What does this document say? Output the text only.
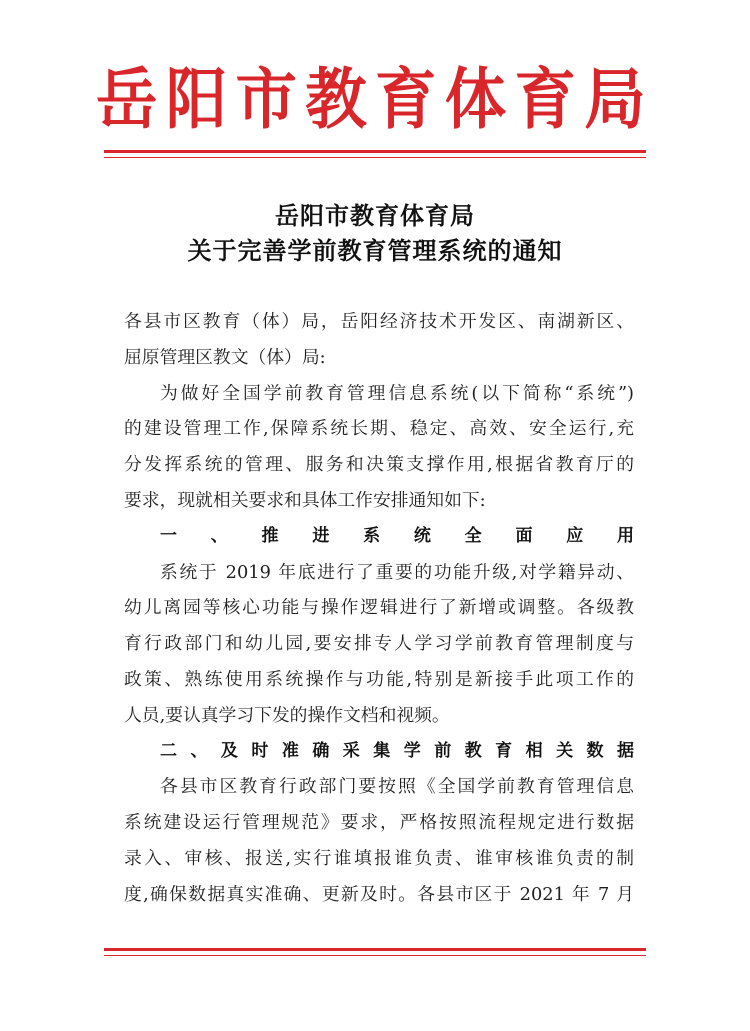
岳阳市教育体育局
岳阳市教育体育局
关于完善学前教育管理系统的通知

各县市区教育（体）局，岳阳经济技术开发区、南湖新区、

屈原管理区教文（体）局:

为做好全国学前教育管理信息系统(以下简称“系统”)

的建设管理工作,保障系统长期、稳定、高效、安全运行,充

分发挥系统的管理、服务和决策支撑作用,根据省教育厅的

要求，现就相关要求和具体工作安排通知如下:

一、推进系统全面应用

系统于 2019 年底进行了重要的功能升级,对学籍异动、

幼儿离园等核心功能与操作逻辑进行了新增或调整。各级教

育行政部门和幼儿园,要安排专人学习学前教育管理制度与

政策、熟练使用系统操作与功能,特别是新接手此项工作的

人员,要认真学习下发的操作文档和视频。

二、及时准确采集学前教育相关数据

各县市区教育行政部门要按照《全国学前教育管理信息

系统建设运行管理规范》要求，严格按照流程规定进行数据

录入、审核、报送,实行谁填报谁负责、谁审核谁负责的制

度,确保数据真实准确、更新及时。各县市区于 2021 年 7 月
